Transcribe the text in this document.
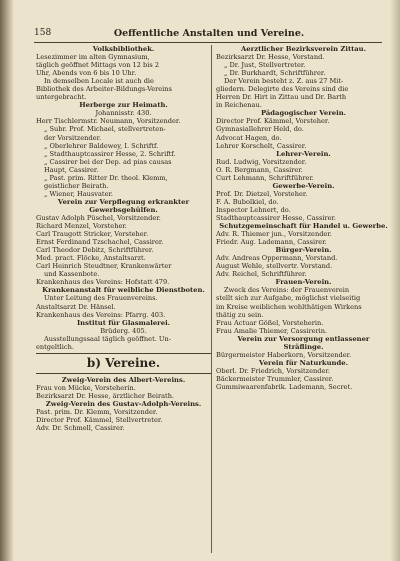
158	Oeffentliche Anstalten und Vereine.
Volksbibliothek.
Lesezimmer im alten Gymnasium,
täglich geöffnet Mittags von 12 bis 2
Uhr, Abends von 6 bis 10 Uhr.
In demselben Locale ist auch die
Bibliothek des Arbeiter-Bildungs-Vereins
untergebracht.
Herberge zur Heimath.
Johannisstr. 430.
Herr Tischlermstr. Neumann, Vorsitzender.
„ Subr. Prof. Michael, stellvertreten-
der Vorsitzender.
„ Oberlehrer Baldewey, I. Schriftf.
„ Stadthauptcassirer Hesse, 2. Schriftf.
„ Cassirer bei der Dep. ad pias causas
Haupt, Cassirer.
„ Past. prim. Ritter Dr. theol. Klemm,
geistlicher Beirath.
„ Wiener, Hausvater.
Verein zur Verpflegung erkrankter
Gewerbsgehülfen.
Gustav Adolph Püschel, Vorsitzender.
Richard Menzel, Vorsteher.
Carl Traugott Stricker, Vorsteher.
Ernst Ferdinand Tzschachel, Cassirer.
Carl Theodor Debitz, Schriftführer.
Med. pract. Flöcke, Anstaltsarzt.
Carl Heinrich Steudtner, Krankenwärter
und Kassenbote.
Krankenhaus des Vereins: Hofstatt 479.
Krankenanstalt für weibliche Dienstboten.
Unter Leitung des Frauenvereins.
Anstaltsarzt Dr. Hänsel.
Krankenhaus des Vereins: Pfarrg. 403.
Institut für Glasmalerei.
Brüderg. 405.
Ausstellungssaal täglich geöffnet. Un-
entgeltlich.
b) Vereine.
Zweig-Verein des Albert-Vereins.
Frau von Mücke, Vorsteherin.
Bezirksarzt Dr. Hesse, ärztlicher Beirath.
Zweig-Verein des Gustav-Adolph-Vereins.
Past. prim. Dr. Klemm, Vorsitzender.
Director Prof. Kämmel, Stellvertreter.
Adv. Dr. Schmell, Cassirer.
Aerztlicher Bezirksverein Zittau.
Bezirksarzt Dr. Hesse, Vorstand.
„ Dr. Just, Stellvertreter.
„ Dr. Burkhardt, Schriftführer.
Der Verein besteht z. Z. aus 27 Mit-
gliedern. Delegirte des Vereins sind die
Herren Dr. Hirt in Zittau und Dr. Barth
in Reichenau.
Pädagogischer Verein.
Director Prof. Kämmel, Vorsteher.
Gymnasiallehrer Held, do.
Advocat Hagen, do.
Lehrer Korschelt, Cassirer.
Lehrer-Verein.
Rud. Ludwig, Vorsitzender.
O. R. Bergmann, Cassirer.
Curt Lehmann, Schriftführer.
Gewerbe-Verein.
Prof. Dr. Dietzel, Vorsteher.
F. A. Bubolkiel, do.
Inspector Lehnert, do.
Stadthauptcassirer Hesse, Cassirer.
Schutzgemeinschaft für Handel u. Gewerbe.
Adv. R. Thiemer jun., Vorsitzender.
Friedr. Aug. Lademann, Cassirer.
Bürger-Verein.
Adv. Andreas Oppermann, Vorstand.
August Wehle, stellvertr. Vorstand.
Adv. Reichel, Schriftführer.
Frauen-Verein.
Zweck des Vereins: der Frauenverein
stellt sich zur Aufgabe, möglichst vielseitig
im Kreise weiblichen wohlthätigen Wirkens
thätig zu sein.
Frau Actuar Gößel, Vorsteherin.
Frau Amalie Thiemer, Cassirerin.
Verein zur Versorgung entlassener
Sträflinge.
Bürgermeister Haberkorn, Vorsitzender.
Verein für Naturkunde.
Oberl. Dr. Friedrich, Vorsitzender.
Bäckermeister Trummler, Cassirer.
Gummiwaarenfabrik. Lademann, Secret.
